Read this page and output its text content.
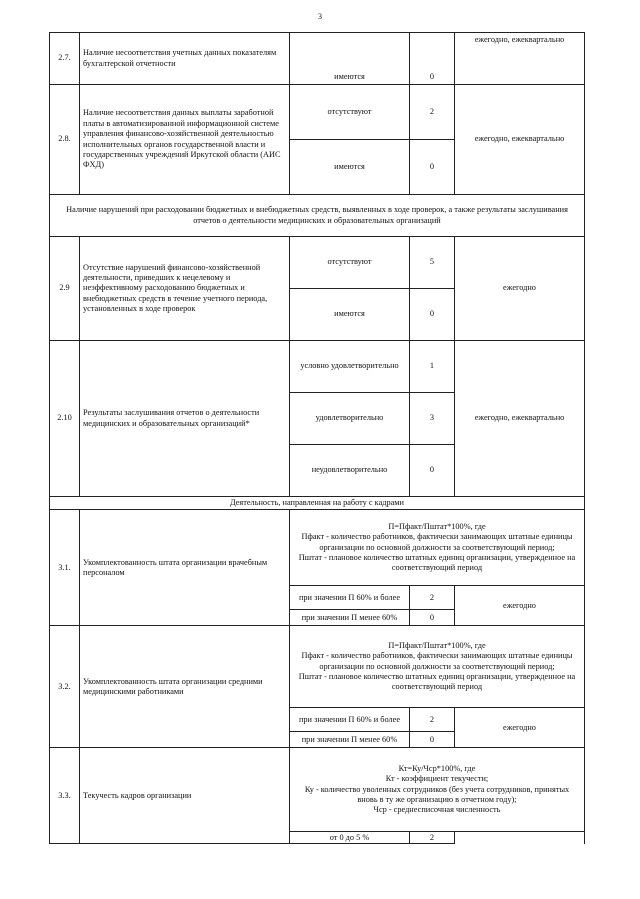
3
2.7.	Наличие несоответствия учетных данных показателям бухгалтерской отчетности	имеются	0	ежегодно, ежеквартально
2.8.	Наличие несоответствия данных выплаты заработной платы в автоматизированной информационной системе управления финансово-хозяйственной деятельностью исполнительных органов государственной власти и государственных учреждений Иркутской области (АИС ФХД)	отсутствуют	2	ежегодно, ежеквартально
		имеются	0	
Наличие нарушений при расходовании бюджетных и внебюджетных средств, выявленных в ходе проверок, а также результаты заслушивания отчетов о деятельности медицинских и образовательных организаций				
2.9	Отсутствие нарушений финансово-хозяйственной деятельности, приведших к нецелевому и неэффективному расходованию бюджетных и внебюджетных средств в течение учетного периода, установленных в ходе проверок	отсутствуют	5	ежегодно
		имеются	0	
2.10	Результаты заслушивания отчетов о деятельности медицинских и образовательных организаций*	условно удовлетворительно	1	ежегодно, ежеквартально
		удовлетворительно	3	
		неудовлетворительно	0	
Деятельность, направленная на работу с кадрами				
3.1.	Укомплектованность штата организации врачебным персоналом	П=Пфакт/Пштат*100%, где
Пфакт - количество работников, фактически занимающих штатные единицы организации по основной должности за соответствующий период;
Пштат - плановое количество штатных единиц организации, утвержденное на соответствующий период		

		при значении П 60% и более	2	ежегодно
		при значении П менее 60%	0	
3.2.	Укомплектованность штата организации средними медицинскими работниками	П=Пфакт/Пштат*100%, где
Пфакт - количество работников, фактически занимающих штатные единицы организации по основной должности за соответствующий период;
Пштат - плановое количество штатных единиц организации, утвержденное на соответствующий период		

		при значении П 60% и более	2	ежегодно
		при значении П менее 60%	0	
3.3.	Текучесть кадров организации	Кт=Ку/Чср*100%, где
Кт - коэффициент текучести;
Ку - количество уволенных сотрудников (без учета сотрудников, принятых вновь в ту же организацию в отчетном году);
Чср - среднесписочная численность		

		от 0 до 5 %	2	
